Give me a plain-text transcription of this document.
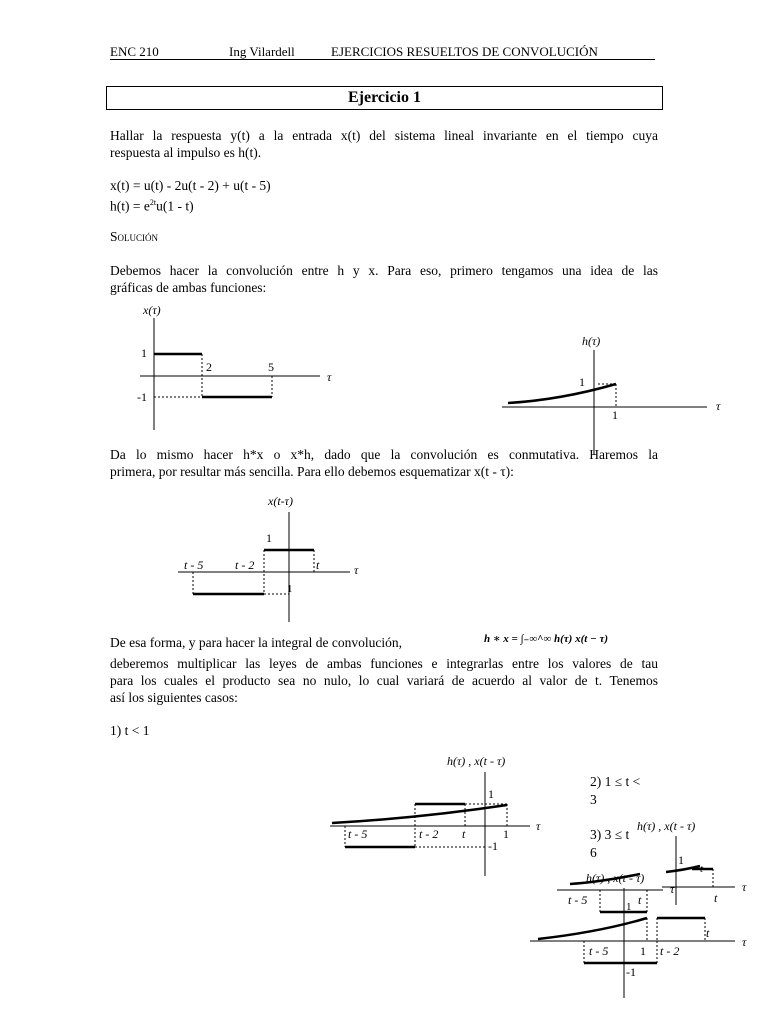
ENC 210	Ing Vilardell	EJERCICIOS RESUELTOS DE CONVOLUCIÓN
Ejercicio 1
Hallar la respuesta y(t) a la entrada x(t) del sistema lineal invariante en el tiempo cuya
respuesta al impulso es h(t).
x(t) = u(t) - 2u(t - 2) + u(t - 5)
$h(t) = e^{2t}u(1 - t)$
Solución
Debemos hacer la convolución entre h y x. Para eso, primero tengamos una idea de las
gráficas de ambas funciones:
x(τ)
τ
1
-1
2	5
h(τ)
τ
1
1
Da lo mismo hacer h*x o x*h, dado que la convolución es conmutativa. Haremos la
primera, por resultar más sencilla. Para ello debemos esquematizar x(t - τ):
x(t-τ)
τ
1
1
t - 5	t - 2	t
De esa forma, y para hacer la integral de convolución,	h ∗ x = ∫₋∞^∞ h(τ) x(t − τ)
deberemos multiplicar las leyes de ambas funciones e integrarlas entre los valores de tau
para los cuales el producto sea no nulo, lo cual variará de acuerdo al valor de t. Tenemos
así los siguientes casos:
1) t < 1
h(τ) , x(t - τ)
τ
1
-1
t - 5	t - 2 t	1
2) 1 ≤ t <
3
3) 3 ≤ t
6
h(τ) , x(t - τ)
τ
1
t
t
h(τ) , x(t - τ)
τ
1
t - 5	t
τ
-1
t - 5	1 t - 2
t
